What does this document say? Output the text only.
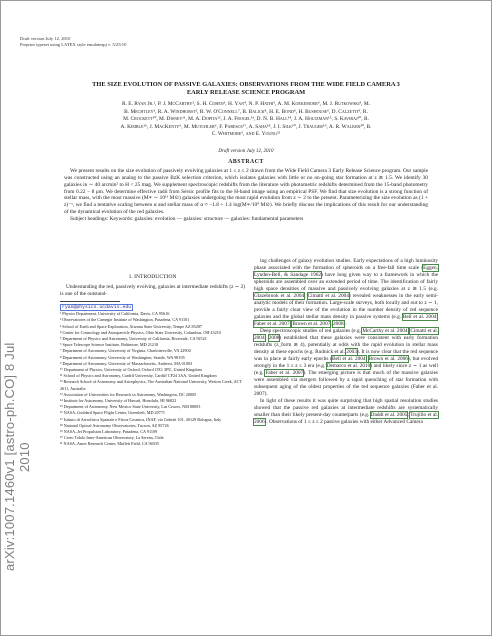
Draft version July 12, 2010
Preprint typeset using LATEX style emulateapj v. 5/25/10
arXiv:1007.1460v1 [astro-ph.CO] 8 Jul 2010
THE SIZE EVOLUTION OF PASSIVE GALAXIES: OBSERVATIONS FROM THE WIDE FIELD CAMERA 3
EARLY RELEASE SCIENCE PROGRAM
R. E. Ryan Jr.¹, P. J. McCarthy², S. H. Cohen³, H. Yan⁴, N. P. Hathi⁵, A. M. Koekemoer⁶, M. J. Rutkowski³, M.
B. Mechtley³, R. A. Windhorst³, R. W. O'Connell⁷, B. Balick⁸, H. E. Bond⁶, H. Bushouse⁶, D. Calzetti⁹, R.
M. Crockett¹⁰, M. Disney¹¹, M. A. Dopita¹², J. A. Frogel¹³, D. N. B. Hall¹⁴, J. A. Holtzman¹⁵, S. Kaviraj¹⁰, R.
A. Kimble¹⁶, J. MacKenty⁶, M. Mutchler⁶, F. Paresce¹⁷, A. Saha¹⁸, J. I. Silk¹⁰, J. Trauger¹⁹, A. R. Walker²⁰, B.
C. Whitmore⁶, and E. Young²¹
Draft version July 12, 2010
ABSTRACT

We present results on the size evolution of passively evolving galaxies at 1 ≤ z ≤ 2 drawn from the Wide Field Camera 3 Early Release Science program. Our sample was constructed using an analog to the passive BzK selection criterion, which isolates galaxies with little or no on-going star formation at z ≳ 1.5. We identify 30 galaxies in ∼ 40 arcmin² to H < 25 mag. We supplement spectroscopic redshifts from the literature with photometric redshifts determined from the 15-band photometry from 0.22 − 8 μm. We determine effective radii from Sérsic profile fits to the H-band image using an empirical PSF. We find that size evolution is a strong function of stellar mass, with the most massive (M∗ ∼ 10¹¹ M⊙) galaxies undergoing the most rapid evolution from z ∼ 2 to the present. Parameterizing the size evolution as (1 + z)⁻ᵅ, we find a tentative scaling between α and stellar mass of α ≈ −1.8 + 1.4 log(M∗/10⁹ M⊙). We briefly discuss the implications of this result for our understanding of the dynamical evolution of the red galaxies.

Subject headings: Keywords: galaxies: evolution — galaxies: structure — galaxies: fundamental parameters

1. INTRODUCTION

Understanding the red, passively evolving, galaxies at intermediate redshifts (z ∼ 2) is one of the outstand-

ryan@physics.ucdavis.edu

¹ Physics Department, University of California, Davis, CA 95616

² Observatories of the Carnegie Institute of Washington, Pasadena, CA 91101

³ School of Earth and Space Exploration, Arizona State University, Tempe AZ 85287

⁴ Center for Cosmology and Astroparticle Physics, Ohio State University, Columbus, OH 43210

⁵ Department of Physics and Astronomy, University of California, Riverside, CA 92521

⁶ Space Telescope Science Institute, Baltimore, MD 21218

⁷ Department of Astronomy, University of Virginia, Charlottesville, VA 22904

⁸ Department of Astronomy, University of Washington, Seattle, WA 98195

⁹ Department of Astronomy, University of Massachusetts, Amherst, MA 01003

¹⁰ Department of Physics, University of Oxford, Oxford OX1 3PU, United Kingdom

¹¹ School of Physics and Astronomy, Cardiff University, Cardiff CF24 3AA, United Kingdom

¹² Research School of Astronomy and Astrophysics, The Australian National University, Weston Creek, ACT 2611, Australia

¹³ Association of Universities for Research in Astronomy, Washington, DC 20005

¹⁴ Institute for Astronomy, University of Hawaii, Honolulu, HI 96822

¹⁵ Department of Astronomy, New Mexico State University, Las Cruces, NM 88003

¹⁶ NASA–Goddard Space Flight Center, Greenbelt, MD 20771

¹⁷ Istituto di Astrofisica Spaziale e Fisica Cosmica, INAF, via Gobetti 101, 40129 Bologna, Italy

¹⁸ National Optical Astronomy Observatories, Tucson, AZ 85726

¹⁹ NASA–Jet Propulsion Laboratory, Pasadena, CA 91109

²⁰ Cerro Tololo Inter-American Observatory, La Serena, Chile

²¹ NASA–Ames Research Center, Moffett Field, CA 94035

ing challenges of galaxy evolution studies. Early expectations of a high luminosity phase associated with the formation of spheroids on a free-fall time scale (Eggen, Lynden-Bell, & Sandage 1962) have long given way to a framework in which the spheroids are assembled over an extended period of time. The identification of fairly high space densities of massive and passively evolving galaxies at z ≳ 1.5 (e.g. Glazebrook et al. 2004; Cimatti et al. 2004) revealed weaknesses in the early semi-analytic models of their formation. Large-scale surveys, both locally and out to z ∼ 1, provide a fairly clear view of the evolution in the number density of red sequence galaxies and the global stellar mass density in passive systems (e.g. Bell et al. 2004; Faber et al. 2007; Brown et al. 2007, 2008).

Deep spectroscopic studies of red galaxies (e.g. McCarthy et al. 2004; Cimatti et al. 2004, 2008) established that these galaxies were consistent with early formation redshifts (z_form ≳ 4), potentially at odds with the rapid evolution in stellar mass density at these epochs (e.g. Rudnick et al. 2003). It is now clear that the red sequence was in place at fairly early epochs (Bell et al. 2004; Brown et al. 2006), but evolved strongly in the 1 ≤ z ≤ 3 era (e.g. Demarco et al. 2010) and likely since z ∼ 1 as well (e.g. Faber et al. 2007). The emerging picture is that much of the massive galaxies were assembled via mergers followed by a rapid quenching of star formation with subsequent aging of the oldest properties of the red sequence galaxies (Faber et al. 2007).

In light of these results it was quite surprising that high spatial resolution studies showed that the passive red galaxies at intermediate redshifts are systematically smaller than their likely present-day counterparts (e.g. Daddi et al. 2005; Trujillo et al. 2006). Observations of 1 ≤ z ≤ 2 passive galaxies with either Advanced Camera
